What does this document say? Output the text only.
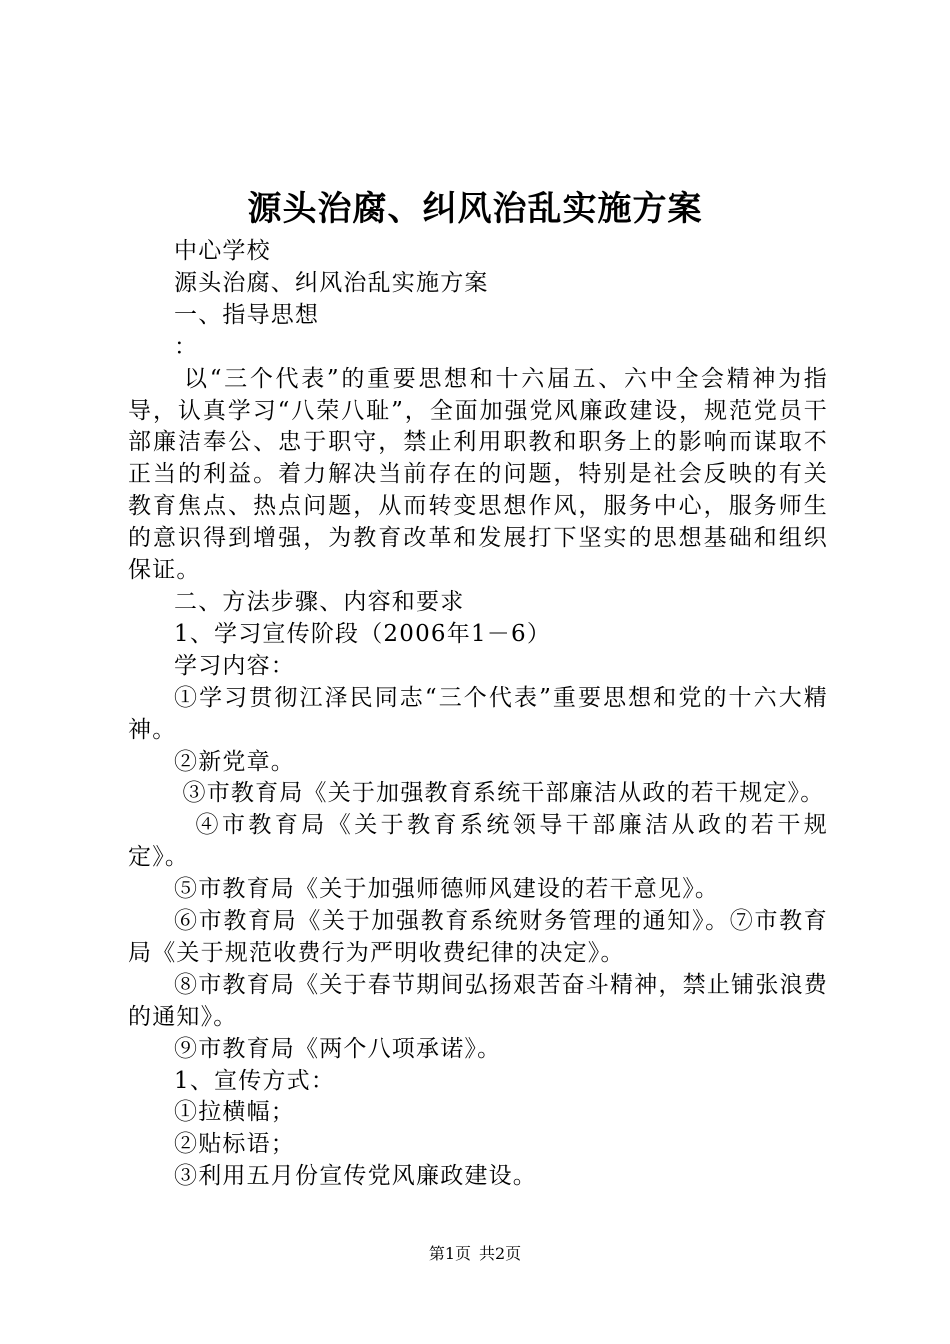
源头治腐、纠风治乱实施方案

中心学校

源头治腐、纠风治乱实施方案

一、指导思想

：

以“三个代表”的重要思想和十六届五、六中全会精神为指导，认真学习“八荣八耻”，全面加强党风廉政建设，规范党员干部廉洁奉公、忠于职守，禁止利用职教和职务上的影响而谋取不正当的利益。着力解决当前存在的问题，特别是社会反映的有关教育焦点、热点问题，从而转变思想作风，服务中心，服务师生的意识得到增强，为教育改革和发展打下坚实的思想基础和组织保证。

二、方法步骤、内容和要求

1、学习宣传阶段（2006年1－6）

学习内容：

①学习贯彻江泽民同志“三个代表”重要思想和党的十六大精神。

②新党章。

③市教育局《关于加强教育系统干部廉洁从政的若干规定》。

④市教育局《关于教育系统领导干部廉洁从政的若干规定》。

⑤市教育局《关于加强师德师风建设的若干意见》。

⑥市教育局《关于加强教育系统财务管理的通知》。⑦市教育局《关于规范收费行为严明收费纪律的决定》。

⑧市教育局《关于春节期间弘扬艰苦奋斗精神，禁止铺张浪费的通知》。

⑨市教育局《两个八项承诺》。

1、宣传方式：

①拉横幅；

②贴标语；

③利用五月份宣传党风廉政建设。

第1页 共2页
